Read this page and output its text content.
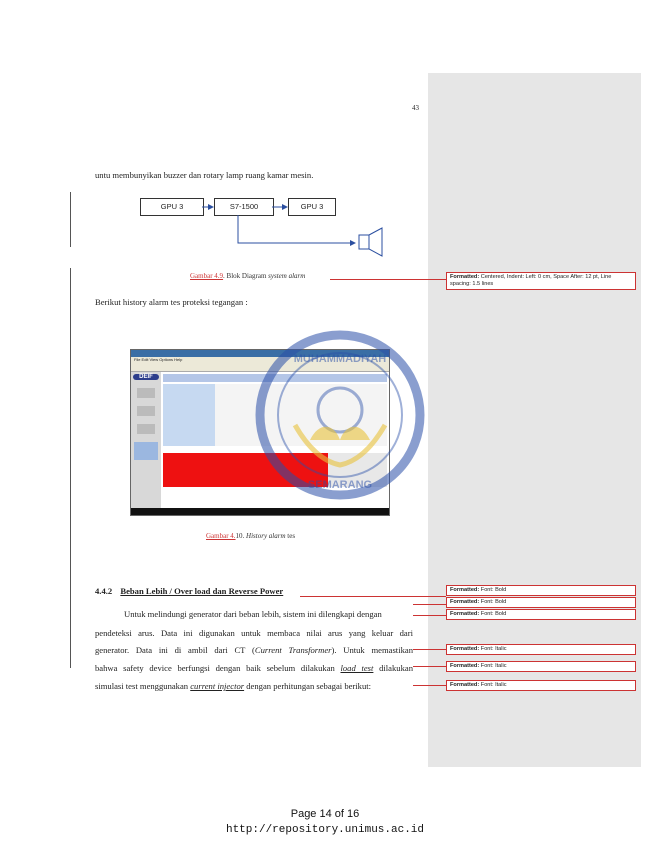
43
untu membunyikan buzzer dan rotary lamp ruang kamar mesin.
GPU 3	S7-1500	GPU 3
Gambar 4.9. Blok Diagram system alarm
Berikut history alarm tes proteksi tegangan :
File Edit View Options Help
DEIF
MUHAMMADIYAH
SEMARANG
Gambar 4.10. History alarm tes
4.4.2 Beban Lebih / Over load dan Reverse Power
Untuk melindungi generator dari beban lebih, sistem ini dilengkapi dengan
pendeteksi arus. Data ini digunakan untuk membaca nilai arus yang keluar dari
generator. Data ini di ambil dari CT (Current Transformer). Untuk memastikan
bahwa safety device berfungsi dengan baik sebelum dilakukan load test dilakukan
simulasi test menggunakan current injector dengan perhitungan sebagai berikut:
Formatted: Centered, Indent: Left: 0 cm, Space After: 12 pt, Line spacing: 1.5 lines
Formatted: Font: Bold
Formatted: Font: Bold
Formatted: Font: Bold
Formatted: Font: Italic
Formatted: Font: Italic
Formatted: Font: Italic
Page 14 of 16
http://repository.unimus.ac.id
